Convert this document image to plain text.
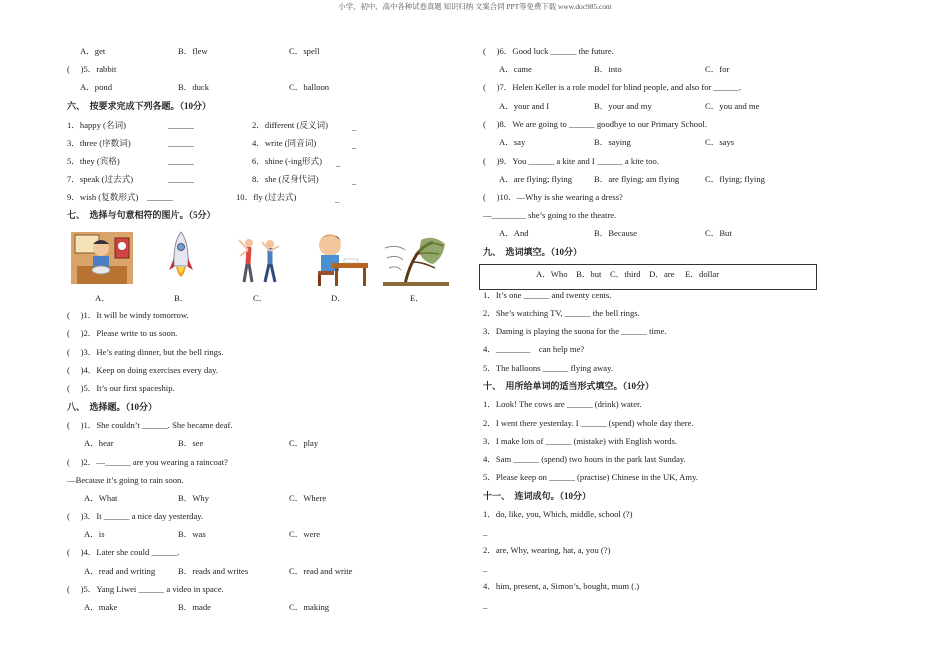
小学、初中、高中各种试卷真题 知识归纳 文案合同 PPT等免费下载 www.doc985.com
A．get	B．flew	C．spell
(　 )5．rabbit
A．pond	B．duck	C．balloon
六、　按要求完成下列各题。（10分）
1．happy (名词)	______	2．different (反义词)	_
3．three (序数词)	______	4．write (同音词)	_
5．they (宾格)	______	6．shine (-ing形式) _
7．speak (过去式)	______	8．she (反身代词)	_
9．wish (复数形式)　______	10．fly (过去式)	_
七、　选择与句意相符的图片。（5分）
A．	B．	C．	D．	E．
(　 )1．It will be windy tomorrow.
(　 )2．Please write to us soon.
(　 )3．He’s eating dinner, but the bell rings.
(　 )4．Keep on doing exercises every day.
(　 )5．It’s our first spaceship.
八、　选择题。（10分）
(　 )1．She couldn’t ______. She became deaf.
A．hear	B．see	C．play
(　 )2．—______ are you wearing a raincoat?
—Because it’s going to rain soon.
A．What	B．Why	C．Where
(　 )3．It ______ a nice day yesterday.
A．is	B．was	C．were
(　 )4．Later she could ______.
A．read and writing	B．reads and writes	C．read and write
(　 )5．Yang Liwei ______ a video in space.
A．make	B．made	C．making
(　 )6．Good luck ______ the future.
A．came	B．into	C．for
(　 )7．Helen Keller is a role model for blind people, and also for ______.
A．your and I	B．your and my	C．you and me
(　 )8．We are going to ______ goodbye to our Primary School.
A．say	B．saying	C．says
(　 )9．You ______ a kite and I ______ a kite too.
A．are flying; flying	B．are flying; am flying	C．flying; flying
(　 )10．—Why is she wearing a dress?
—________ she’s going to the theatre.
A．And	B．Because	C．But
九、　选词填空。（10分）
A．Who　B．but　C．third　D．are　 E．dollar
1．It’s one ______ and twenty cents.
2．She’s watching TV, ______ the bell rings.
3．Daming is playing the suona for the ______ time.
4．________　can help me?
5．The balloons ______ flying away.
十、　用所给单词的适当形式填空。（10分）
1．Look! The cows are ______ (drink) water.
2．I went there yesterday. I ______ (spend) whole day there.
3．I make lots of ______ (mistake) with English words.
4．Sam ______ (spend) two hours in the park last Sunday.
5．Please keep on ______ (practise) Chinese in the UK, Amy.
十一、　连词成句。（10分）
1．do, like, you, Which, middle, school (?)
_
2．are, Why, wearing, hat, a, you (?)
_
4．him, present, a, Simon’s, bought, mum (.)
_
